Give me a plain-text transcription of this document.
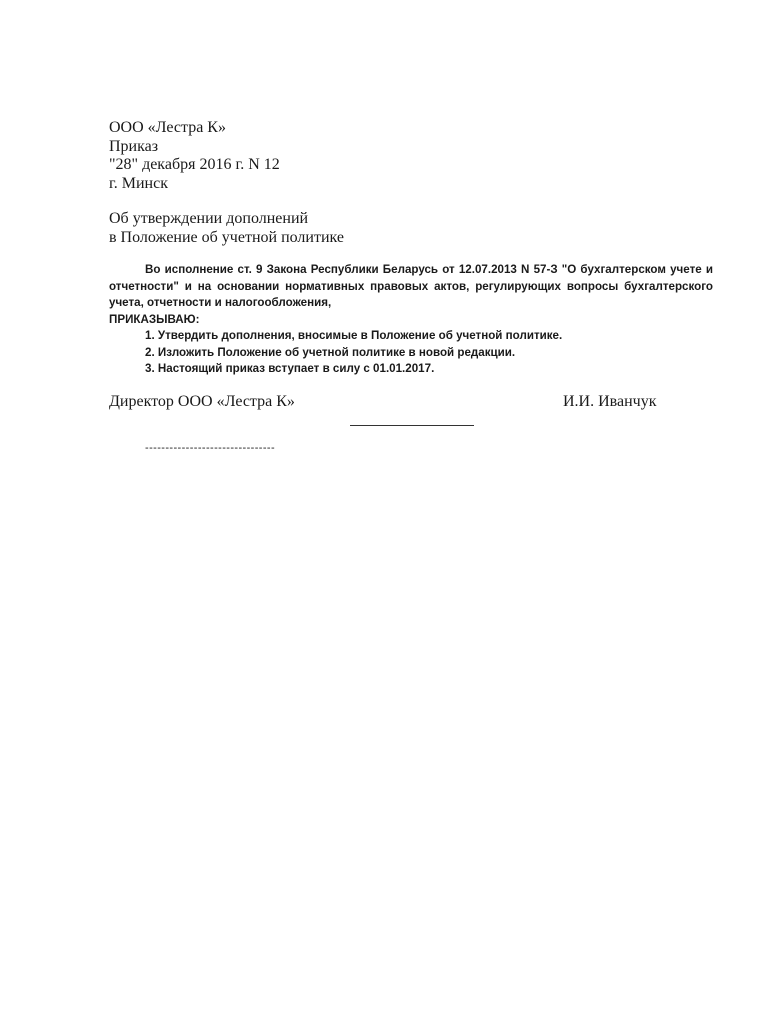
ООО «Лестра К»
Приказ
"28" декабря 2016 г. N 12
г. Минск
Об утверждении дополнений
в Положение об учетной политике
Во исполнение ст. 9 Закона Республики Беларусь от 12.07.2013 N 57-З "О бухгалтерском учете и отчетности" и на основании нормативных правовых актов, регулирующих вопросы бухгалтерского учета, отчетности и налогообложения,
ПРИКАЗЫВАЮ:
1. Утвердить дополнения, вносимые в Положение об учетной политике.
2. Изложить Положение об учетной политике в новой редакции.
3. Настоящий приказ вступает в силу с 01.01.2017.
Директор ООО «Лестра К»	И.И. Иванчук
--------------------------------
